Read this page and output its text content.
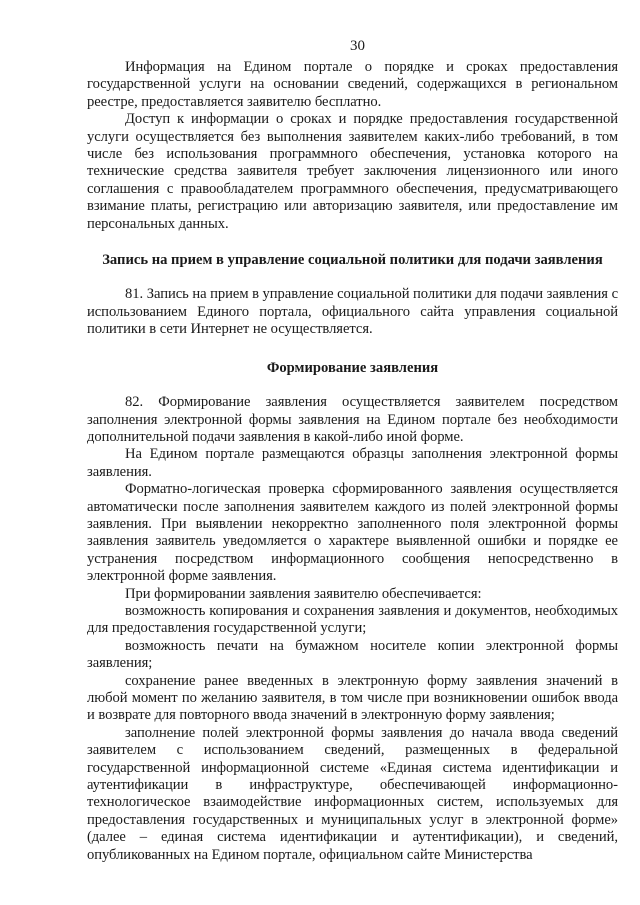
30

Информация на Едином портале о порядке и сроках предоставления государственной услуги на основании сведений, содержащихся в региональном реестре, предоставляется заявителю бесплатно.

Доступ к информации о сроках и порядке предоставления государственной услуги осуществляется без выполнения заявителем каких-либо требований, в том числе без использования программного обеспечения, установка которого на технические средства заявителя требует заключения лицензионного или иного соглашения с правообладателем программного обеспечения, предусматривающего взимание платы, регистрацию или авторизацию заявителя, или предоставление им персональных данных.

Запись на прием в управление социальной политики для подачи заявления

81. Запись на прием в управление социальной политики для подачи заявления с использованием Единого портала, официального сайта управления социальной политики в сети Интернет не осуществляется.

Формирование заявления

82. Формирование заявления осуществляется заявителем посредством заполнения электронной формы заявления на Едином портале без необходимости дополнительной подачи заявления в какой-либо иной форме.

На Едином портале размещаются образцы заполнения электронной формы заявления.

Форматно-логическая проверка сформированного заявления осуществляется автоматически после заполнения заявителем каждого из полей электронной формы заявления. При выявлении некорректно заполненного поля электронной формы заявления заявитель уведомляется о характере выявленной ошибки и порядке ее устранения посредством информационного сообщения непосредственно в электронной форме заявления.

При формировании заявления заявителю обеспечивается:

возможность копирования и сохранения заявления и документов, необходимых для предоставления государственной услуги;

возможность печати на бумажном носителе копии электронной формы заявления;

сохранение ранее введенных в электронную форму заявления значений в любой момент по желанию заявителя, в том числе при возникновении ошибок ввода и возврате для повторного ввода значений в электронную форму заявления;

заполнение полей электронной формы заявления до начала ввода сведений заявителем с использованием сведений, размещенных в федеральной государственной информационной системе «Единая система идентификации и аутентификации в инфраструктуре, обеспечивающей информационно-технологическое взаимодействие информационных систем, используемых для предоставления государственных и муниципальных услуг в электронной форме» (далее – единая система идентификации и аутентификации), и сведений, опубликованных на Едином портале, официальном сайте Министерства
